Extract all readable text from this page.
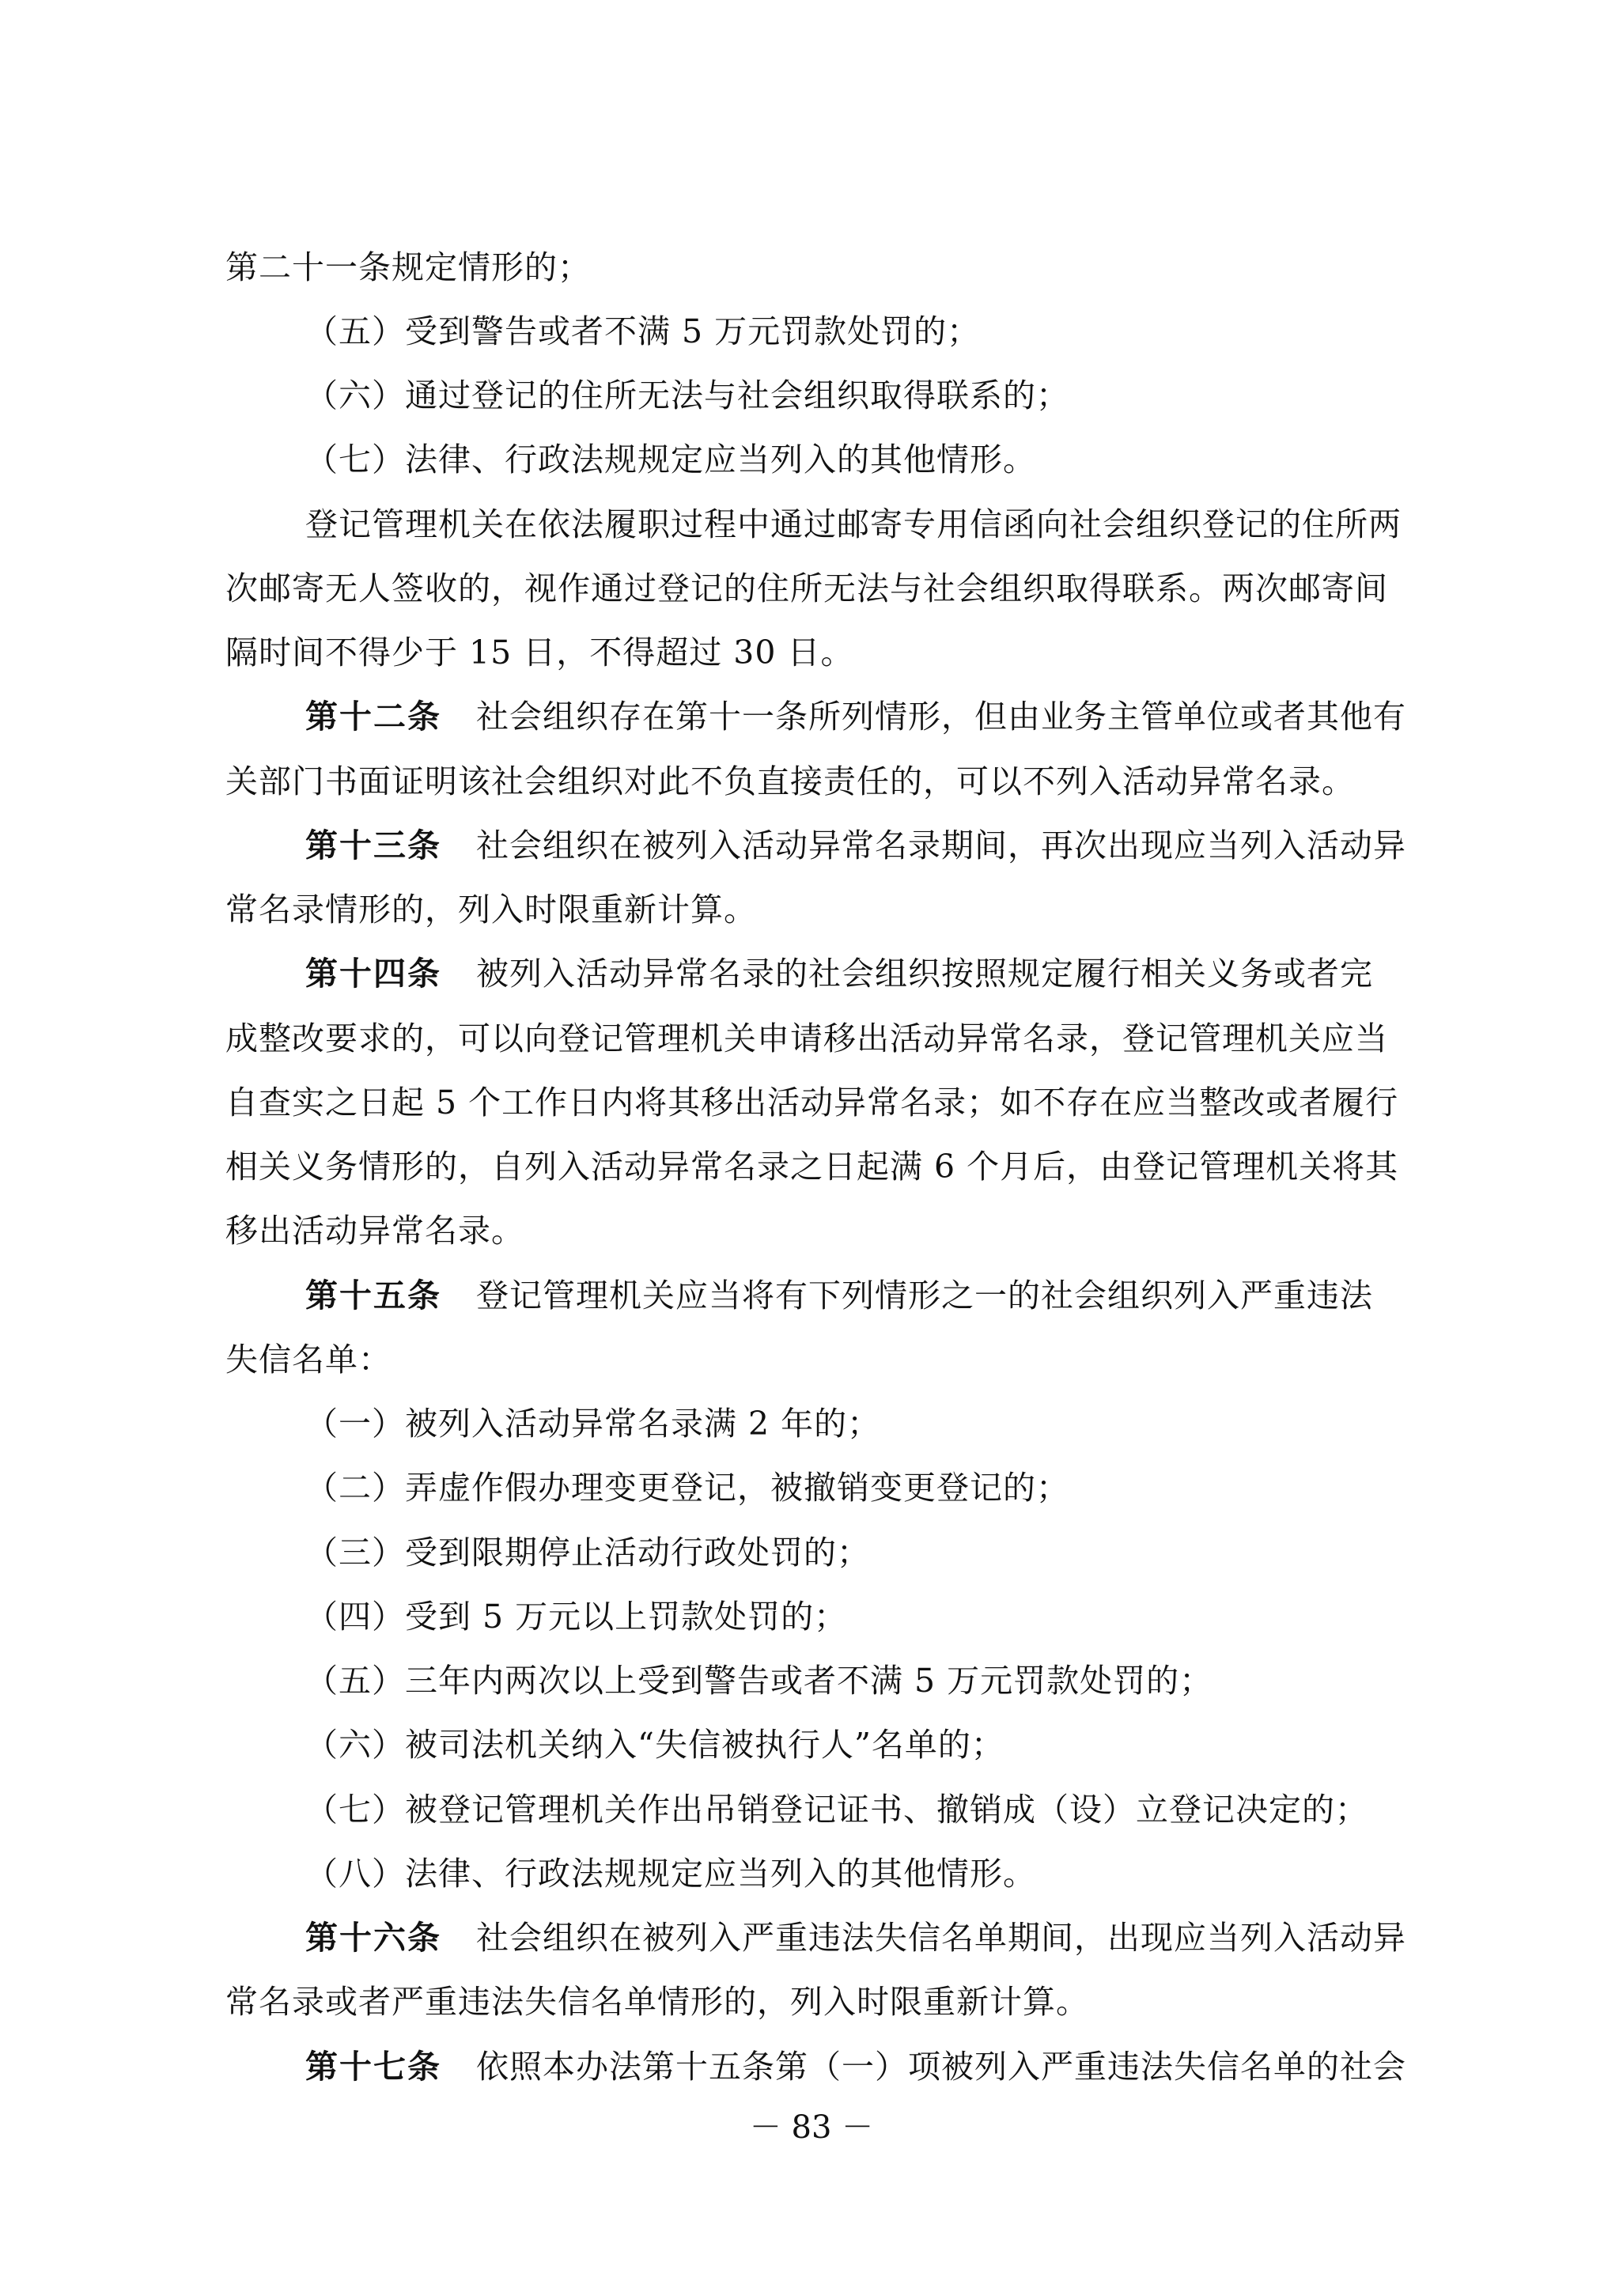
第二十一条规定情形的；
（五）受到警告或者不满 5 万元罚款处罚的；
（六）通过登记的住所无法与社会组织取得联系的；
（七）法律、行政法规规定应当列入的其他情形。
登记管理机关在依法履职过程中通过邮寄专用信函向社会组织登记的住所两
次邮寄无人签收的，视作通过登记的住所无法与社会组织取得联系。两次邮寄间
隔时间不得少于 15 日，不得超过 30 日。
第十二条 社会组织存在第十一条所列情形，但由业务主管单位或者其他有
关部门书面证明该社会组织对此不负直接责任的，可以不列入活动异常名录。
第十三条 社会组织在被列入活动异常名录期间，再次出现应当列入活动异
常名录情形的，列入时限重新计算。
第十四条 被列入活动异常名录的社会组织按照规定履行相关义务或者完
成整改要求的，可以向登记管理机关申请移出活动异常名录，登记管理机关应当
自查实之日起 5 个工作日内将其移出活动异常名录；如不存在应当整改或者履行
相关义务情形的，自列入活动异常名录之日起满 6 个月后，由登记管理机关将其
移出活动异常名录。
第十五条 登记管理机关应当将有下列情形之一的社会组织列入严重违法
失信名单：
（一）被列入活动异常名录满 2 年的；
（二）弄虚作假办理变更登记，被撤销变更登记的；
（三）受到限期停止活动行政处罚的；
（四）受到 5 万元以上罚款处罚的；
（五）三年内两次以上受到警告或者不满 5 万元罚款处罚的；
（六）被司法机关纳入“失信被执行人”名单的；
（七）被登记管理机关作出吊销登记证书、撤销成（设）立登记决定的；
（八）法律、行政法规规定应当列入的其他情形。
第十六条 社会组织在被列入严重违法失信名单期间，出现应当列入活动异
常名录或者严重违法失信名单情形的，列入时限重新计算。
第十七条 依照本办法第十五条第（一）项被列入严重违法失信名单的社会
－ 83 －
